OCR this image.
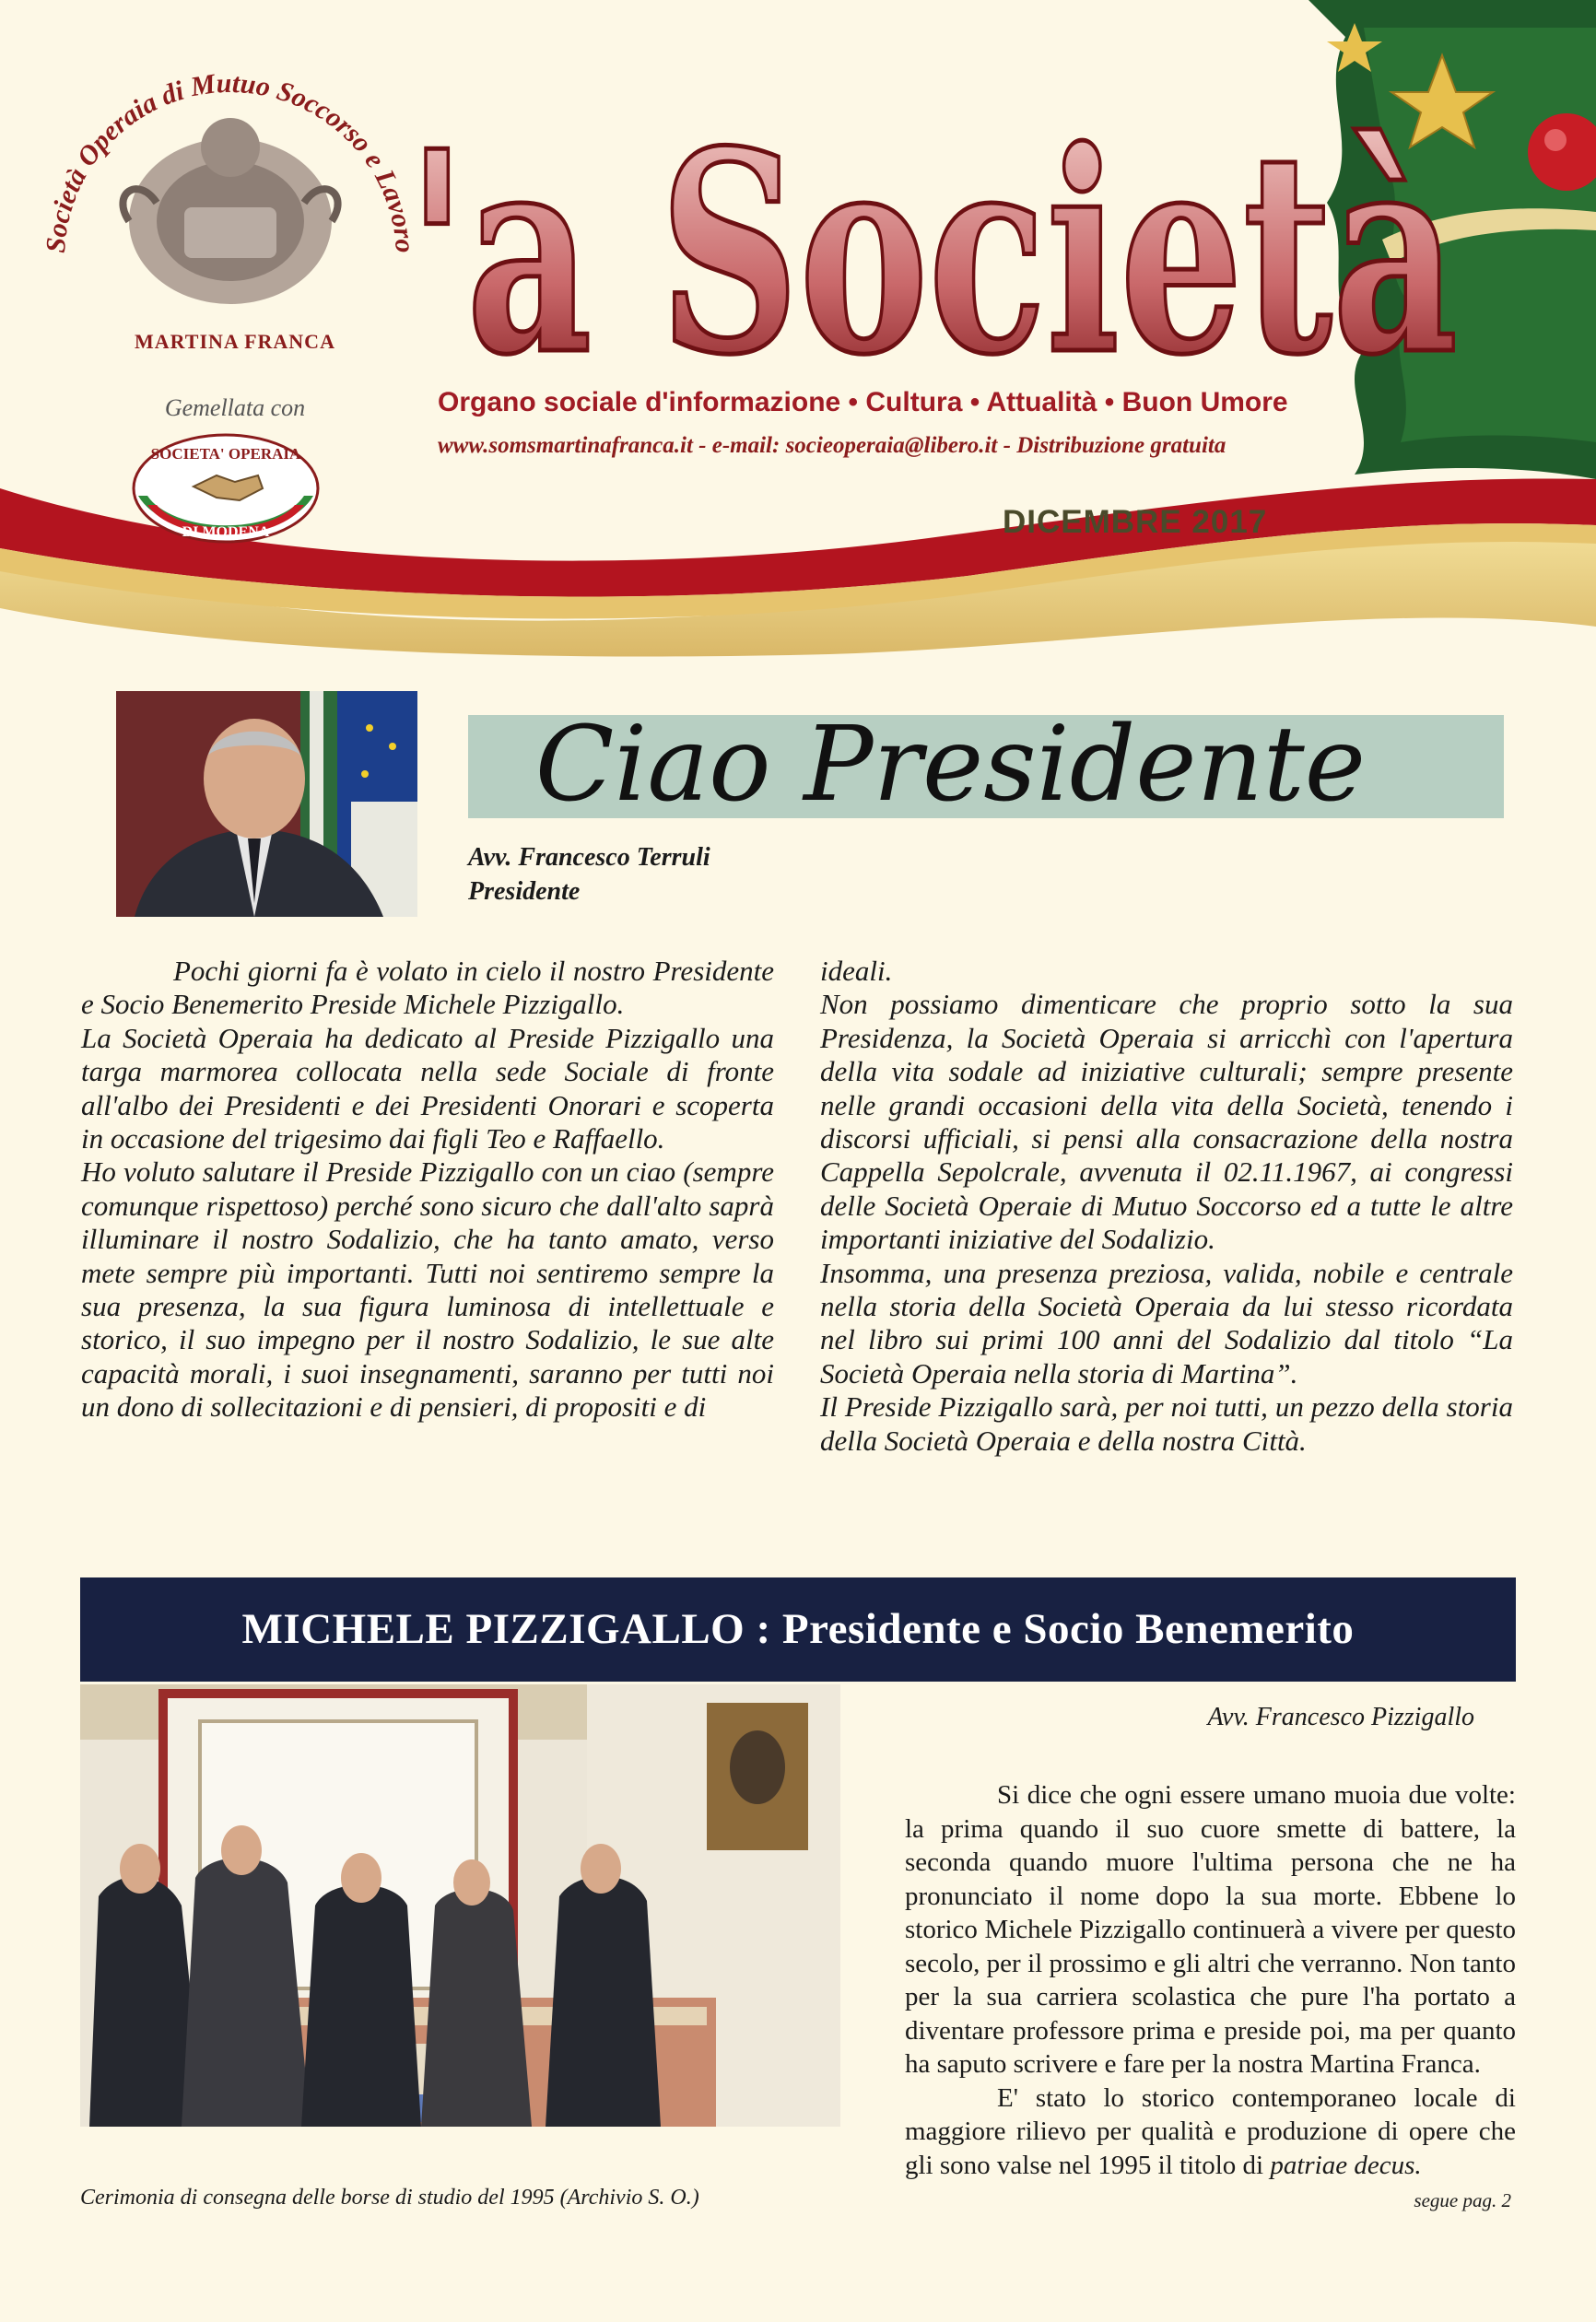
Società Operaia di Mutuo Soccorso e Lavoro
MARTINA FRANCA
Gemellata con
SOCIETA' OPERAIA
DI MODENA
'a Società
Organo sociale d'informazione • Cultura • Attualità • Buon Umore
www.somsmartinafranca.it - e-mail: socieoperaia@libero.it - Distribuzione gratuita
DICEMBRE 2017
Ciao Presidente
Avv. Francesco Terruli
Presidente

Pochi giorni fa è volato in cielo il nostro Presidente e Socio Benemerito Preside Michele Pizzigallo.

La Società Operaia ha dedicato al Preside Pizzigallo una targa marmorea collocata nella sede Sociale di fronte all'albo dei Presidenti e dei Presidenti Onorari e scoperta in occasione del trigesimo dai figli Teo e Raffaello.

Ho voluto salutare il Preside Pizzigallo con un ciao (sempre comunque rispettoso) perché sono sicuro che dall'alto saprà illuminare il nostro Sodalizio, che ha tanto amato, verso mete sempre più importanti. Tutti noi sentiremo sempre la sua presenza, la sua figura luminosa di intellettuale e storico, il suo impegno per il nostro Sodalizio, le sue alte capacità morali, i suoi insegnamenti, saranno per tutti noi un dono di sollecitazioni e di pensieri, di propositi e di

ideali.

Non possiamo dimenticare che proprio sotto la sua Presidenza, la Società Operaia si arricchì con l'apertura della vita sodale ad iniziative culturali; sempre presente nelle grandi occasioni della vita della Società, tenendo i discorsi ufficiali, si pensi alla consacrazione della nostra Cappella Sepolcrale, avvenuta il 02.11.1967, ai congressi delle Società Operaie di Mutuo Soccorso ed a tutte le altre importanti iniziative del Sodalizio.

Insomma, una presenza preziosa, valida, nobile e centrale nella storia della Società Operaia da lui stesso ricordata nel libro sui primi 100 anni del Sodalizio dal titolo “La Società Operaia nella storia di Martina”.

Il Preside Pizzigallo sarà, per noi tutti, un pezzo della storia della Società Operaia e della nostra Città.

MICHELE PIZZIGALLO : Presidente e Socio Benemerito
Cerimonia di consegna delle borse di studio del 1995 (Archivio S. O.)
Avv. Francesco Pizzigallo

Si dice che ogni essere umano muoia due volte: la prima quando il suo cuore smette di battere, la seconda quando muore l'ultima persona che ne ha pronunciato il nome dopo la sua morte. Ebbene lo storico Michele Pizzigallo continuerà a vivere per questo secolo, per il prossimo e gli altri che verranno. Non tanto per la sua carriera scolastica che pure l'ha portato a diventare professore prima e preside poi, ma per quanto ha saputo scrivere e fare per la nostra Martina Franca.

E' stato lo storico contemporaneo locale di maggiore rilievo per qualità e produzione di opere che gli sono valse nel 1995 il titolo di patriae decus.

segue pag. 2
